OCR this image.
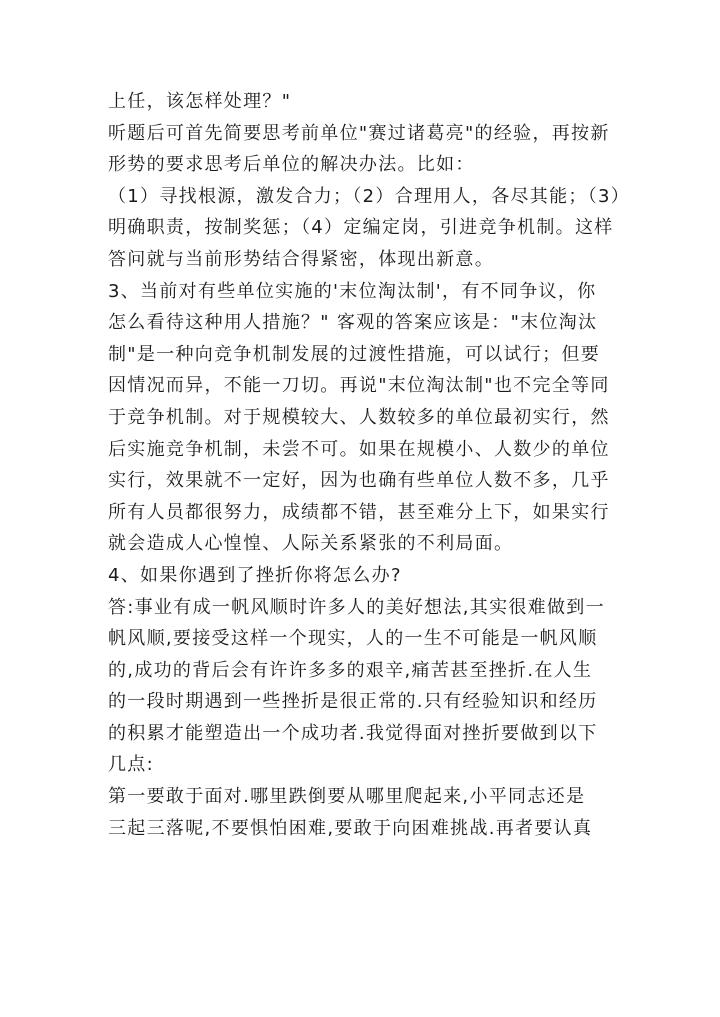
上任，该怎样处理？"
听题后可首先简要思考前单位"赛过诸葛亮"的经验，再按新
形势的要求思考后单位的解决办法。比如：
（1）寻找根源，激发合力；（2）合理用人，各尽其能；（3）
明确职责，按制奖惩；（4）定编定岗，引进竞争机制。这样
答问就与当前形势结合得紧密，体现出新意。
3、当前对有些单位实施的'末位淘汰制'，有不同争议，你
怎么看待这种用人措施？" 客观的答案应该是："末位淘汰
制"是一种向竞争机制发展的过渡性措施，可以试行；但要
因情况而异，不能一刀切。再说"末位淘汰制"也不完全等同
于竞争机制。对于规模较大、人数较多的单位最初实行，然
后实施竞争机制，未尝不可。如果在规模小、人数少的单位
实行，效果就不一定好，因为也确有些单位人数不多，几乎
所有人员都很努力，成绩都不错，甚至难分上下，如果实行
就会造成人心惶惶、人际关系紧张的不利局面。
4、如果你遇到了挫折你将怎么办?
答:事业有成一帆风顺时许多人的美好想法,其实很难做到一
帆风顺,要接受这样一个现实，人的一生不可能是一帆风顺
的,成功的背后会有许许多多的艰辛,痛苦甚至挫折.在人生
的一段时期遇到一些挫折是很正常的.只有经验知识和经历
的积累才能塑造出一个成功者.我觉得面对挫折要做到以下
几点:
第一要敢于面对.哪里跌倒要从哪里爬起来,小平同志还是
三起三落呢,不要惧怕困难,要敢于向困难挑战.再者要认真
